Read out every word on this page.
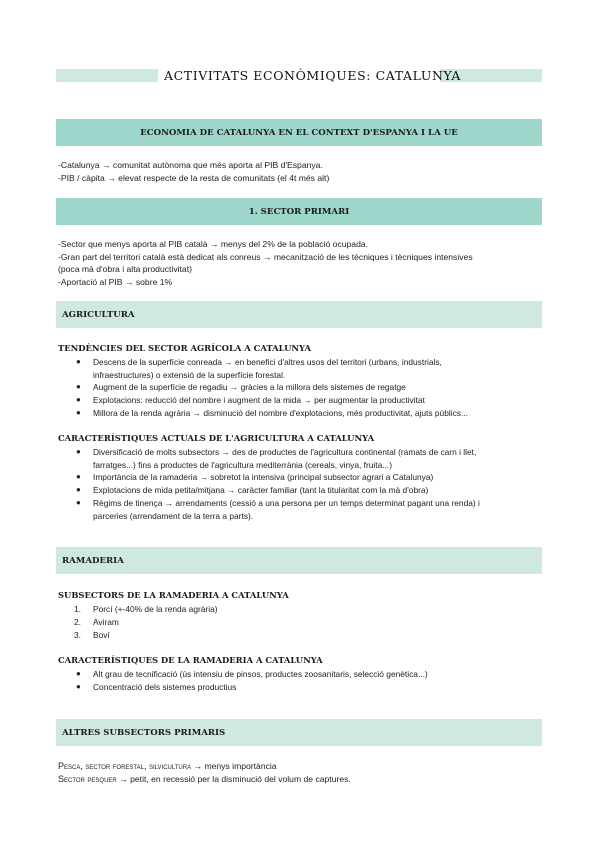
ACTIVITATS ECONÒMIQUES: CATALUNYA
ECONOMIA DE CATALUNYA EN EL CONTEXT D'ESPANYA I LA UE
-Catalunya → comunitat autònoma que més aporta al PIB d'Espanya.
-PIB / càpita → elevat respecte de la resta de comunitats (el 4t més alt)
1. SECTOR PRIMARI
-Sector que menys aporta al PIB català → menys del 2% de la població ocupada.
-Gran part del territori català està dedicat als conreus → mecanització de les tècniques i tècniques intensives
(poca mà d'obra i alta productivitat)
-Aportació al PIB → sobre 1%
AGRICULTURA
TENDÈNCIES DEL SECTOR AGRÍCOLA A CATALUNYA
● Descens de la superfície conreada → en benefici d'altres usos del territori (urbans, industrials,
infraestructures) o extensió de la superfície forestal.
● Augment de la superfície de regadiu → gràcies a la millora dels sistemes de regatge
● Explotacions: reducció del nombre i augment de la mida → per augmentar la productivitat
● Millora de la renda agrària → disminució del nombre d'explotacions, més productivitat, ajuts públics...
CARACTERÍSTIQUES ACTUALS DE L'AGRICULTURA A CATALUNYA
● Diversificació de molts subsectors → des de productes de l'agricultura continental (ramats de carn i llet,
farratges...) fins a productes de l'agricultura mediterrània (cereals, vinya, fruita...)
● Importància de la ramaderia → sobretot la intensiva (principal subsector agrari a Catalunya)
● Explotacions de mida petita/mitjana → caràcter familiar (tant la titularitat com la mà d'obra)
● Règims de tinença → arrendaments (cessió a una persona per un temps determinat pagant una renda) i
parceries (arrendament de la terra a parts).
RAMADERIA
SUBSECTORS DE LA RAMADERIA A CATALUNYA
1.	Porcí (+-40% de la renda agrària)
2.	Aviram
3.	Boví
CARACTERÍSTIQUES DE LA RAMADERIA A CATALUNYA
● Alt grau de tecnificació (ús intensiu de pinsos, productes zoosanitaris, selecció genètica...)
● Concentració dels sistemes productius
ALTRES SUBSECTORS PRIMARIS
Pesca, sector forestal, silvicultura → menys importància
Sector pesquer → petit, en recessió per la disminució del volum de captures.
